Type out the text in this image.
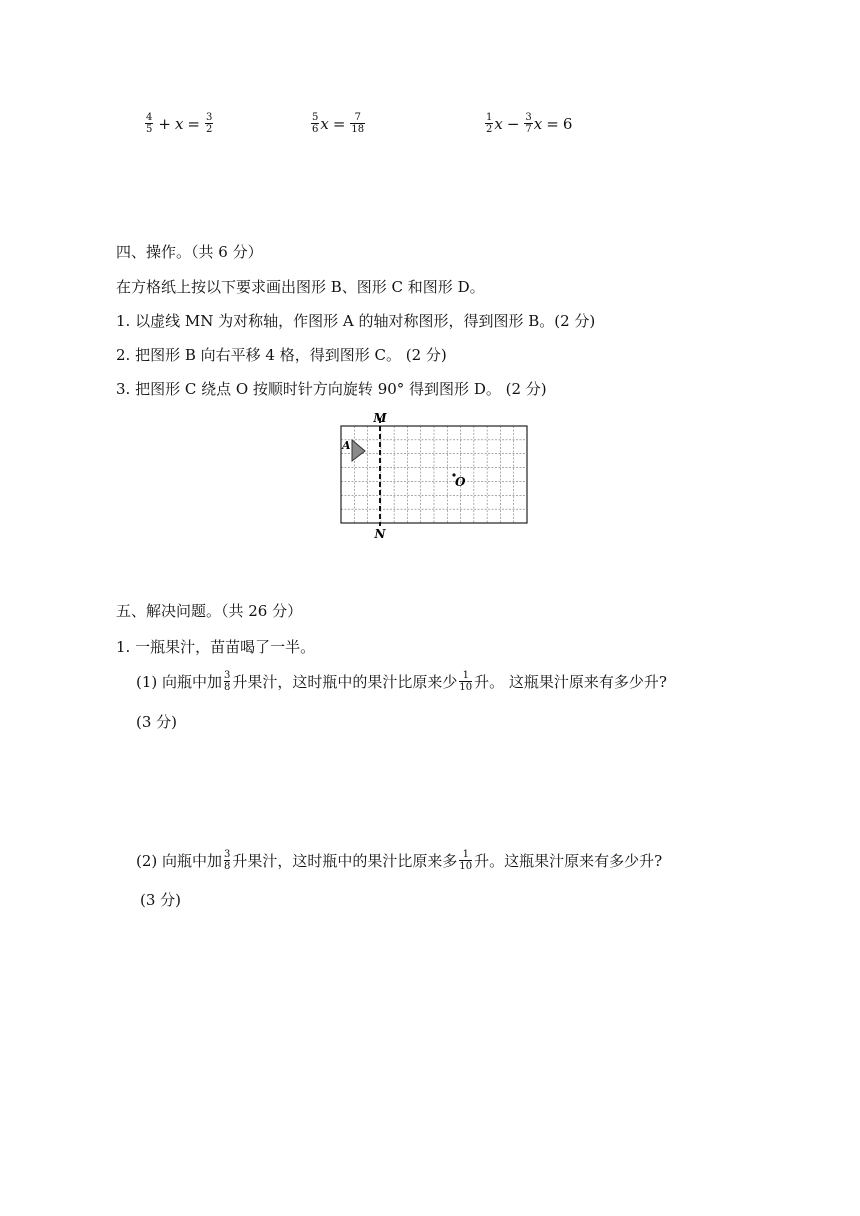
$\frac{4}{5} + x = \frac{3}{2}$	$\frac{5}{6}$ $x = \frac{7}{18}$	$\frac{1}{2}$ $x - \frac{3}{7}$ x = 6
四、操作。（共 6 分）
在方格纸上按以下要求画出图形 B、图形 C 和图形 D。
1. 以虚线 MN 为对称轴，作图形 A 的轴对称图形，得到图形 B。(2 分)
2. 把图形 B 向右平移 4 格，得到图形 C。 (2 分)
3. 把图形 C 绕点 O 按顺时针方向旋转 90° 得到图形 D。 (2 分)
M
N
A
O
五、解决问题。（共 26 分）
1. 一瓶果汁，苗苗喝了一半。
(1) 向瓶中加 $\frac{3}{8}$ 升果汁，这时瓶中的果汁比原来少 $\frac{1}{10}$ 升。 这瓶果汁原来有多少升?
(3 分)
(2) 向瓶中加 $\frac{3}{8}$ 升果汁，这时瓶中的果汁比原来多 $\frac{1}{10}$ 升。这瓶果汁原来有多少升?
(3 分)
